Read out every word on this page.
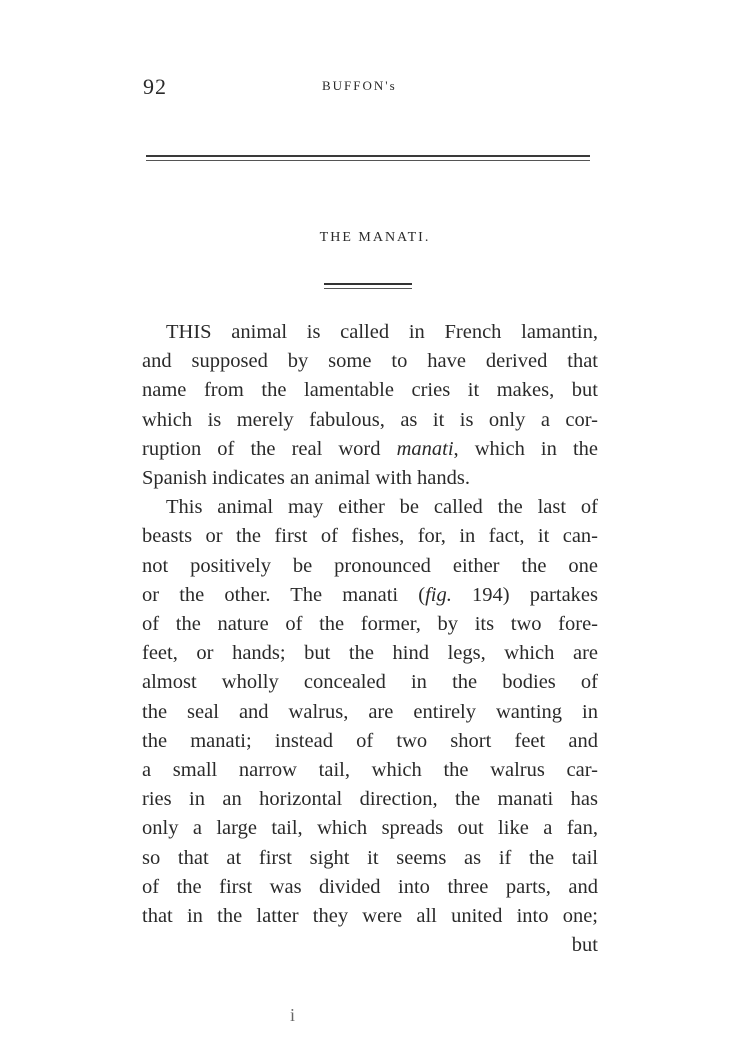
92	BUFFON's
THE MANATI.
THIS animal is called in French lamantin,
and supposed by some to have derived that
name from the lamentable cries it makes, but
which is merely fabulous, as it is only a cor-
ruption of the real word manati, which in the
Spanish indicates an animal with hands.
This animal may either be called the last of
beasts or the first of fishes, for, in fact, it can-
not positively be pronounced either the one
or the other. The manati (fig. 194) partakes
of the nature of the former, by its two fore-
feet, or hands; but the hind legs, which are
almost wholly concealed in the bodies of
the seal and walrus, are entirely wanting in
the manati; instead of two short feet and
a small narrow tail, which the walrus car-
ries in an horizontal direction, the manati has
only a large tail, which spreads out like a fan,
so that at first sight it seems as if the tail
of the first was divided into three parts, and
that in the latter they were all united into one;
but
i
